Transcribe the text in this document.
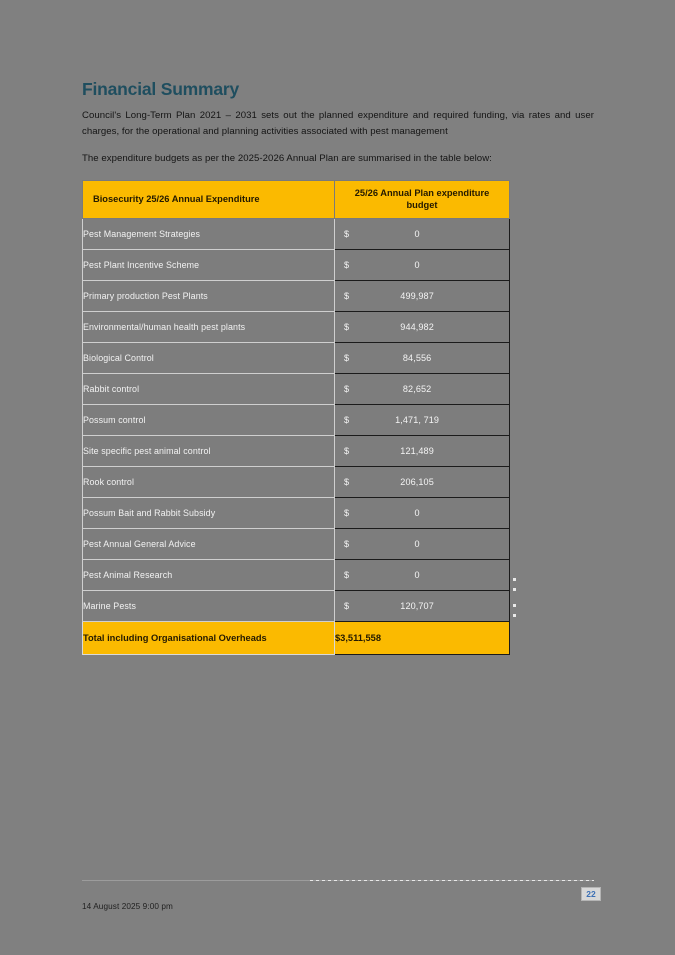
Financial Summary

Council's Long-Term Plan 2021 – 2031 sets out the planned expenditure and required funding, via rates and user charges, for the operational and planning activities associated with pest management

The expenditure budgets as per the 2025-2026 Annual Plan are summarised in the table below:

Biosecurity 25/26 Annual Expenditure	25/26 Annual Plan expenditure budget
Pest Management Strategies	$ 0

Pest Plant Incentive Scheme	$ 0

Primary production Pest Plants	$ 499,987

Environmental/human health pest plants	$ 944,982

Biological Control	$ 84,556

Rabbit control	$ 82,652

Possum control	$ 1,471, 719

Site specific pest animal control	$ 121,489

Rook control	$ 206,105

Possum Bait and Rabbit Subsidy	$ 0

Pest Annual General Advice	$ 0

Pest Animal Research	$ 0

Marine Pests	$ 120,707

Total including Organisational Overheads	$3,511,558
14 August 2025 9:00 pm
22
